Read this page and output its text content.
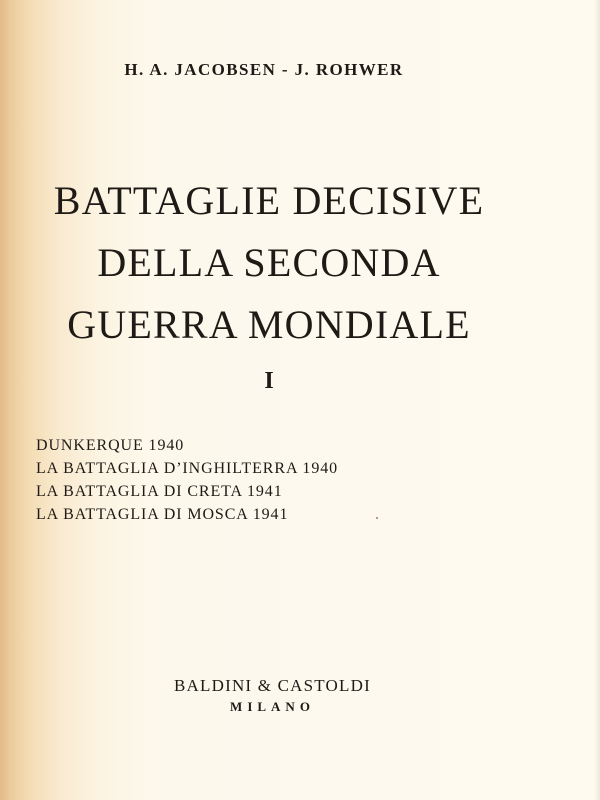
H. A. JACOBSEN - J. ROHWER
BATTAGLIE DECISIVE
DELLA SECONDA
GUERRA MONDIALE
I
DUNKERQUE 1940
LA BATTAGLIA D’INGHILTERRA 1940
LA BATTAGLIA DI CRETA 1941
LA BATTAGLIA DI MOSCA 1941
BALDINI & CASTOLDI
MILANO
